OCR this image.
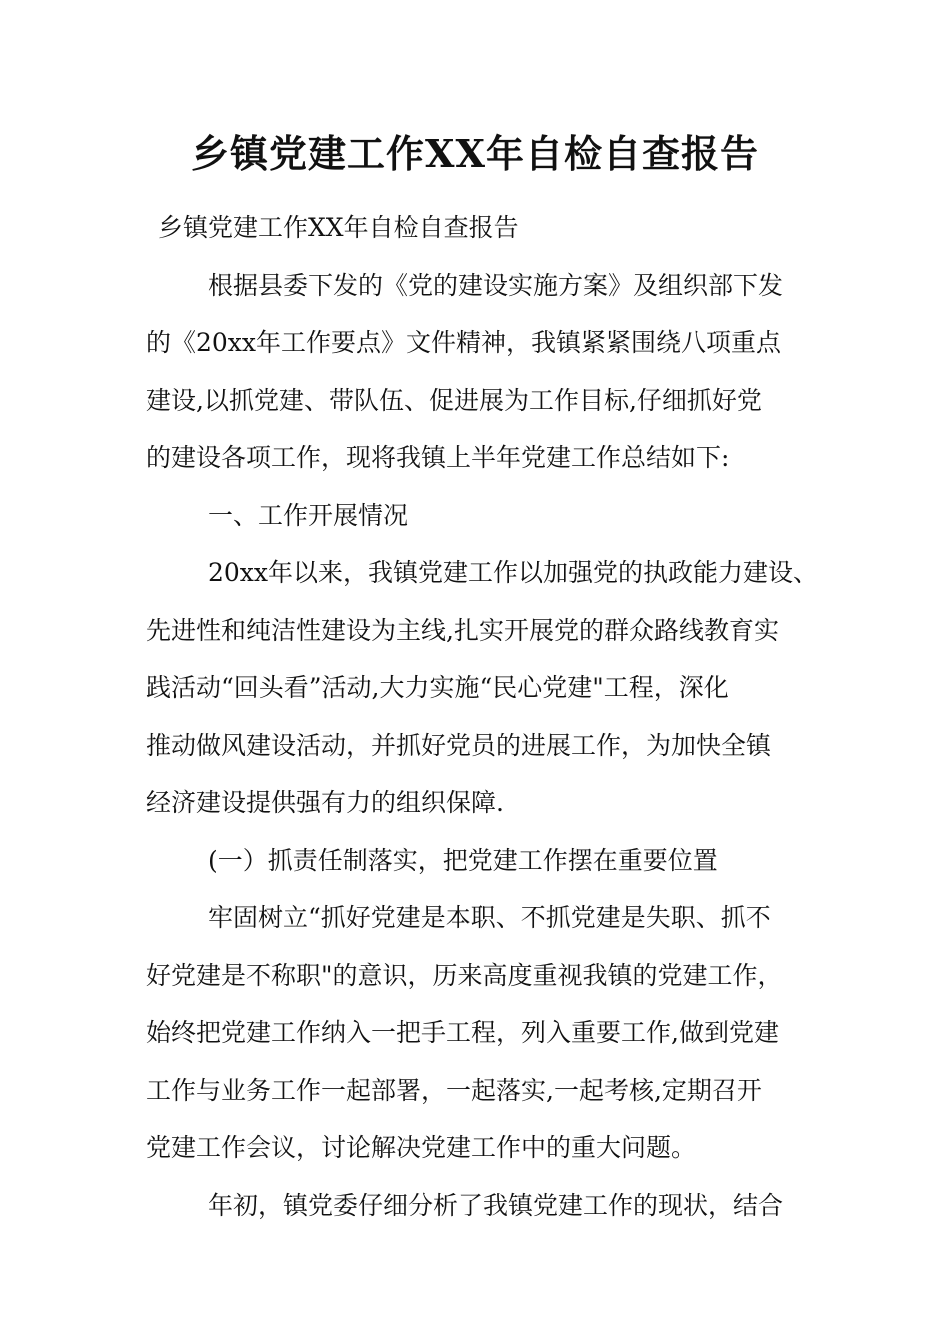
乡镇党建工作XX年自检自查报告
乡镇党建工作XX年自检自查报告
根据县委下发的《党的建设实施方案》及组织部下发
的《20xx年工作要点》文件精神，我镇紧紧围绕八项重点
建设,以抓党建、带队伍、促进展为工作目标,仔细抓好党
的建设各项工作，现将我镇上半年党建工作总结如下:
一、工作开展情况
20xx年以来，我镇党建工作以加强党的执政能力建设、
先进性和纯洁性建设为主线,扎实开展党的群众路线教育实
践活动“回头看”活动,大力实施“民心党建"工程，深化
推动做风建设活动，并抓好党员的进展工作，为加快全镇
经济建设提供强有力的组织保障.
(一）抓责任制落实，把党建工作摆在重要位置
牢固树立“抓好党建是本职、不抓党建是失职、抓不
好党建是不称职"的意识，历来高度重视我镇的党建工作，
始终把党建工作纳入一把手工程，列入重要工作,做到党建
工作与业务工作一起部署，一起落实,一起考核,定期召开
党建工作会议，讨论解决党建工作中的重大问题。
年初，镇党委仔细分析了我镇党建工作的现状，结合
